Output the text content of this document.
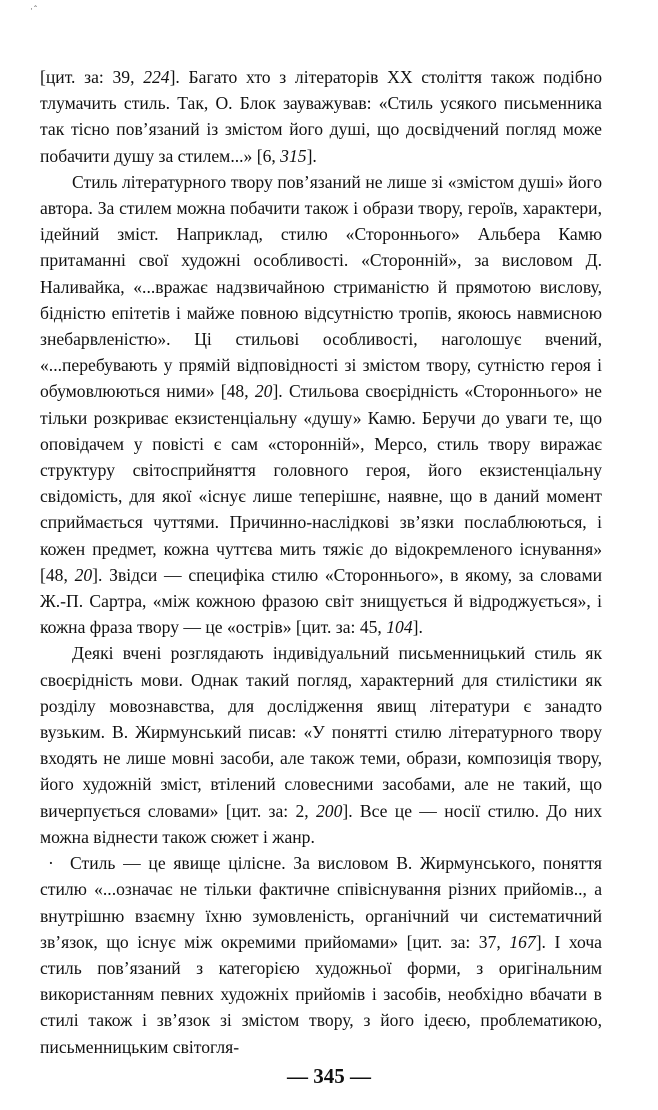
·ˆ

[цит. за: 39, 224]. Багато хто з літераторів XX століття також подібно тлумачить стиль. Так, О. Блок зауважував: «Стиль усякого письменника так тісно пов’язаний із змістом його душі, що досвідчений погляд може побачити душу за стилем...» [6, 315].

Стиль літературного твору пов’язаний не лише зі «змістом душі» його автора. За стилем можна побачити також і образи твору, героїв, характери, ідейний зміст. Наприклад, стилю «Стороннього» Альбера Камю притаманні свої художні особливості. «Сторонній», за висловом Д. Наливайка, «...вражає надзвичайною стриманістю й прямотою вислову, бідністю епітетів і майже повною відсутністю тропів, якоюсь навмисною знебарвленістю». Ці стильові особливості, наголошує вчений, «...перебувають у прямій відповідності зі змістом твору, сутністю героя і обумовлюються ними» [48, 20]. Стильова своєрідність «Стороннього» не тільки розкриває екзистенціальну «душу» Камю. Беручи до уваги те, що оповідачем у повісті є сам «сторонній», Мерсо, стиль твору виражає структуру світосприйняття головного героя, його екзистенціальну свідомість, для якої «існує лише теперішнє, наявне, що в даний момент сприймається чуттями. Причинно-наслідкові зв’язки послаблюються, і кожен предмет, кожна чуттєва мить тяжіє до відокремленого існування» [48, 20]. Звідси — специфіка стилю «Стороннього», в якому, за словами Ж.-П. Сартра, «між кожною фразою світ знищується й відроджується», і кожна фраза твору — це «острів» [цит. за: 45, 104].

Деякі вчені розглядають індивідуальний письменницький стиль як своєрідність мови. Однак такий погляд, характерний для стилістики як розділу мовознавства, для дослідження явищ літератури є занадто вузьким. В. Жирмунський писав: «У понятті стилю літературного твору входять не лише мовні засоби, але також теми, образи, композиція твору, його художній зміст, втілений словесними засобами, але не такий, що вичерпується словами» [цит. за: 2, 200]. Все це — носії стилю. До них можна віднести також сюжет і жанр.

· Стиль — це явище цілісне. За висловом В. Жирмунського, поняття стилю «...означає не тільки фактичне співіснування різних прийомів.., а внутрішню взаємну їхню зумовленість, органічний чи систематичний зв’язок, що існує між окремими прийомами» [цит. за: 37, 167]. І хоча стиль пов’язаний з категорією художньої форми, з оригінальним використанням певних художніх прийомів і засобів, необхідно вбачати в стилі також і зв’язок зі змістом твору, з його ідеєю, проблематикою, письменницьким світогля-

— 345 —
